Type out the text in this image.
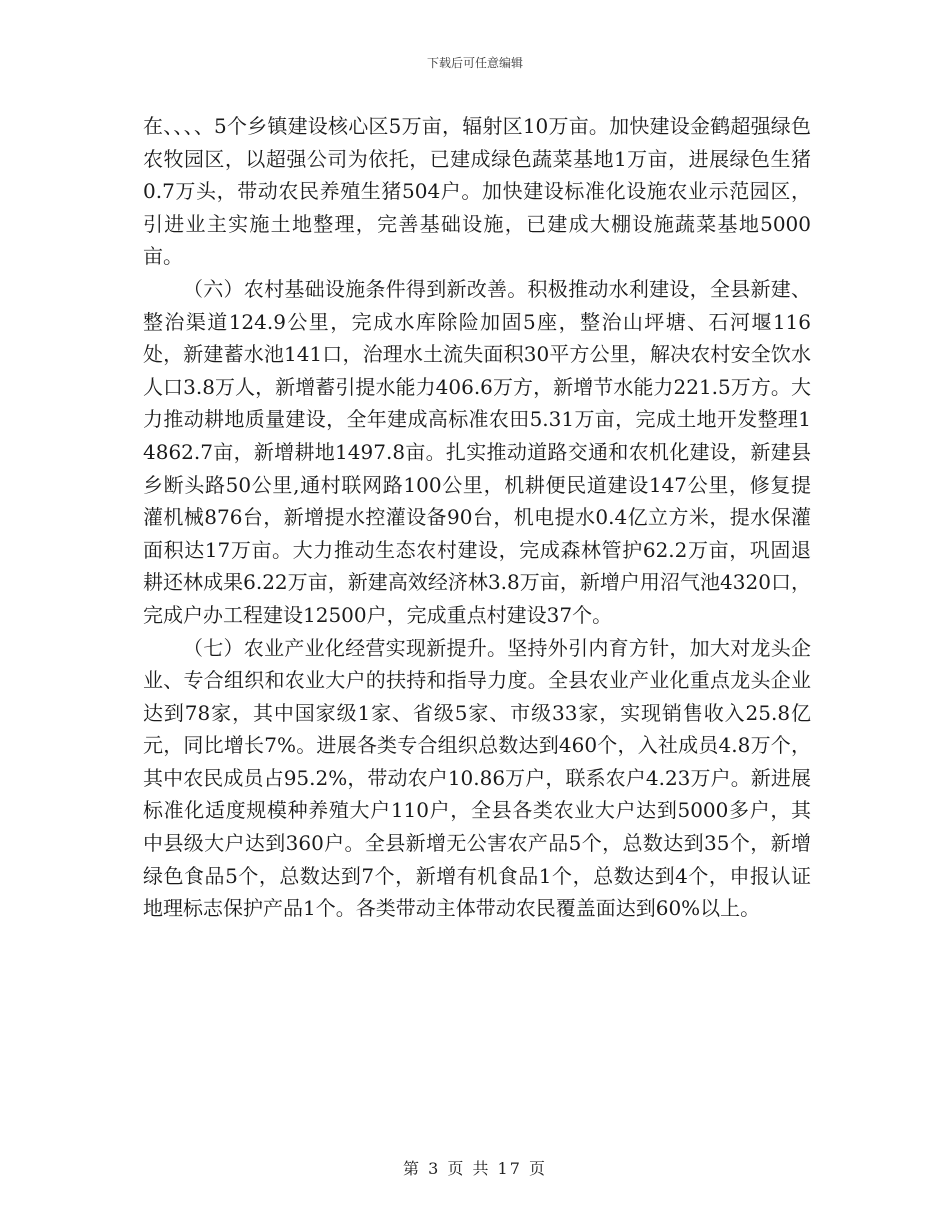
下载后可任意编辑

在、、、、5个乡镇建设核心区5万亩，辐射区10万亩。加快建设金鹤超强绿色农牧园区，以超强公司为依托，已建成绿色蔬菜基地1万亩，进展绿色生猪0.7万头，带动农民养殖生猪504户。加快建设标准化设施农业示范园区，引进业主实施土地整理，完善基础设施，已建成大棚设施蔬菜基地5000亩。

（六）农村基础设施条件得到新改善。积极推动水利建设，全县新建、整治渠道124.9公里，完成水库除险加固5座，整治山坪塘、石河堰116处，新建蓄水池141口，治理水土流失面积30平方公里，解决农村安全饮水人口3.8万人，新增蓄引提水能力406.6万方，新增节水能力221.5万方。大力推动耕地质量建设，全年建成高标准农田5.31万亩，完成土地开发整理14862.7亩，新增耕地1497.8亩。扎实推动道路交通和农机化建设，新建县乡断头路50公里,通村联网路100公里，机耕便民道建设147公里，修复提灌机械876台，新增提水控灌设备90台，机电提水0.4亿立方米，提水保灌面积达17万亩。大力推动生态农村建设，完成森林管护62.2万亩，巩固退耕还林成果6.22万亩，新建高效经济林3.8万亩，新增户用沼气池4320口，完成户办工程建设12500户，完成重点村建设37个。

（七）农业产业化经营实现新提升。坚持外引内育方针，加大对龙头企业、专合组织和农业大户的扶持和指导力度。全县农业产业化重点龙头企业达到78家，其中国家级1家、省级5家、市级33家，实现销售收入25.8亿元，同比增长7%。进展各类专合组织总数达到460个，入社成员4.8万个，其中农民成员占95.2%，带动农户10.86万户，联系农户4.23万户。新进展标准化适度规模种养殖大户110户，全县各类农业大户达到5000多户，其中县级大户达到360户。全县新增无公害农产品5个，总数达到35个，新增绿色食品5个，总数达到7个，新增有机食品1个，总数达到4个，申报认证地理标志保护产品1个。各类带动主体带动农民覆盖面达到60%以上。

第 3 页 共 17 页
